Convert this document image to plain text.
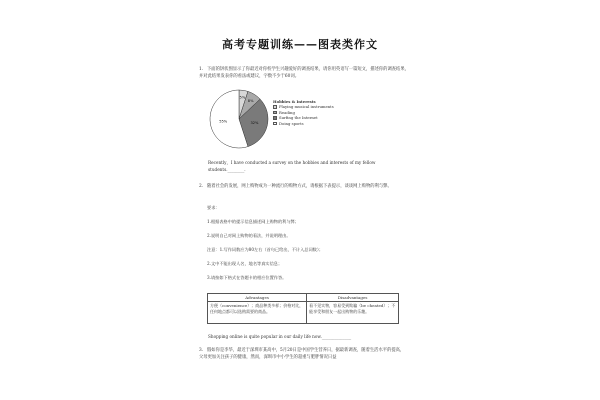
高考专题训练——图表类作文
1. 下面的饼状图显示了你最近对你校学生兴趣爱好的调查结果，请你用英语写一篇短文，描述你的调查结果，并对此结果发表你的看法或建议，字数不少于60词。
5%
8%
32%
55%
Hobbies & Interests
Playing musical instruments
Reading
Surfing the Internet
Doing sports
Recently，I have conducted a survey on the hobbies and interests of my fellow students.________.
2. 随着社会的发展，网上购物成为一种流行的购物方式，请根据下表提示，谈谈网上购物的利与弊。
要求：
1.根据表格中的提示信息描述网上购物的利与弊；
2.说明自己对网上购物的看法，并说明理由。
注意：1.写作词数应为80左右（首句已给出，不计入总词数）；
2.文中不能出现人名，地名等真实信息；
3.请按如下格式在答题卡的相应位置作答。
Advantages	Disadvantages
方便（convenience）；商品种类多样；价格对比，任何地点都可以选购需要的商品。	看不见实物，容易受到欺骗（be cheated）；不能享受和朋友一起出购物的乐趣。
Shopping online is quite popular in our daily life now.______________
3. 假如你是李华，最近于深圳市某高中，5月20日是中国学生营养日，据最新调查，随着生活水平的提高，父母更加关注孩子的健康，然而，深圳市中小学生的超重与肥胖情况日益
